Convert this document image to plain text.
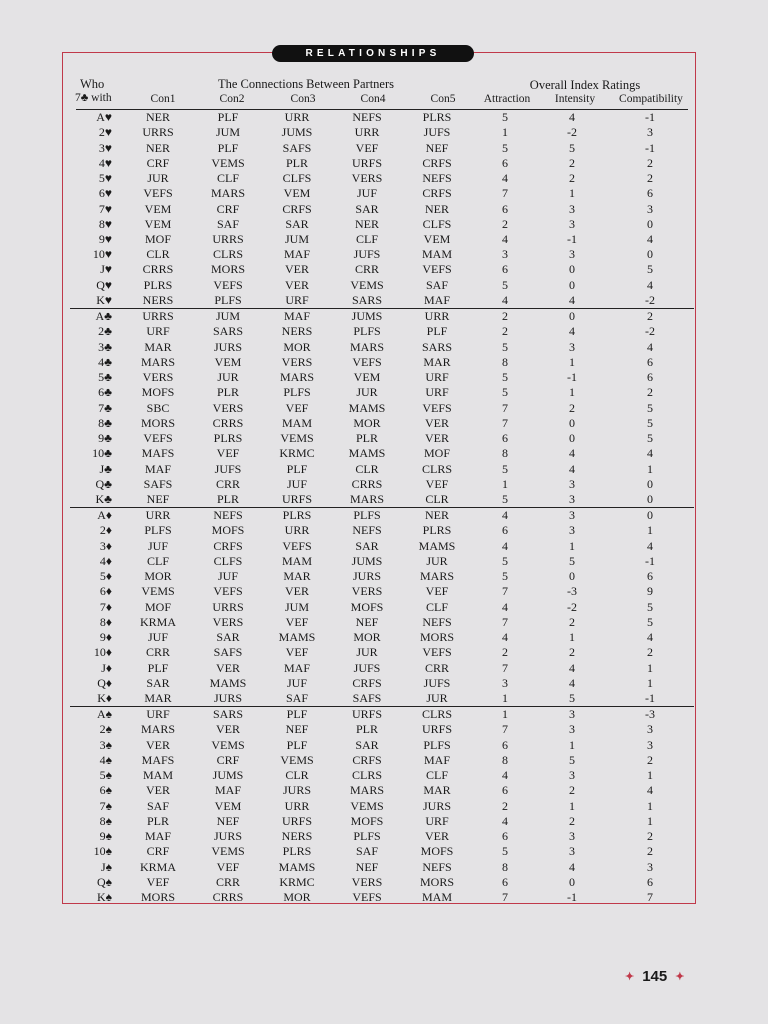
RELATIONSHIPS
Who
7♣ with
The Connections Between Partners	Overall Index Ratings
Con1	Con2	Con3	Con4	Con5	Attraction	Intensity	Compatibility
A♥	NER	PLF	URR	NEFS	PLRS	5	4	-1
2♥	URRS	JUM	JUMS	URR	JUFS	1	-2	3
3♥	NER	PLF	SAFS	VEF	NEF	5	5	-1
4♥	CRF	VEMS	PLR	URFS	CRFS	6	2	2
5♥	JUR	CLF	CLFS	VERS	NEFS	4	2	2
6♥	VEFS	MARS	VEM	JUF	CRFS	7	1	6
7♥	VEM	CRF	CRFS	SAR	NER	6	3	3
8♥	VEM	SAF	SAR	NER	CLFS	2	3	0
9♥	MOF	URRS	JUM	CLF	VEM	4	-1	4
10♥	CLR	CLRS	MAF	JUFS	MAM	3	3	0
J♥	CRRS	MORS	VER	CRR	VEFS	6	0	5
Q♥	PLRS	VEFS	VER	VEMS	SAF	5	0	4
K♥	NERS	PLFS	URF	SARS	MAF	4	4	-2
A♣	URRS	JUM	MAF	JUMS	URR	2	0	2
2♣	URF	SARS	NERS	PLFS	PLF	2	4	-2
3♣	MAR	JURS	MOR	MARS	SARS	5	3	4
4♣	MARS	VEM	VERS	VEFS	MAR	8	1	6
5♣	VERS	JUR	MARS	VEM	URF	5	-1	6
6♣	MOFS	PLR	PLFS	JUR	URF	5	1	2
7♣	SBC	VERS	VEF	MAMS	VEFS	7	2	5
8♣	MORS	CRRS	MAM	MOR	VER	7	0	5
9♣	VEFS	PLRS	VEMS	PLR	VER	6	0	5
10♣	MAFS	VEF	KRMC	MAMS	MOF	8	4	4
J♣	MAF	JUFS	PLF	CLR	CLRS	5	4	1
Q♣	SAFS	CRR	JUF	CRRS	VEF	1	3	0
K♣	NEF	PLR	URFS	MARS	CLR	5	3	0
A♦	URR	NEFS	PLRS	PLFS	NER	4	3	0
2♦	PLFS	MOFS	URR	NEFS	PLRS	6	3	1
3♦	JUF	CRFS	VEFS	SAR	MAMS	4	1	4
4♦	CLF	CLFS	MAM	JUMS	JUR	5	5	-1
5♦	MOR	JUF	MAR	JURS	MARS	5	0	6
6♦	VEMS	VEFS	VER	VERS	VEF	7	-3	9
7♦	MOF	URRS	JUM	MOFS	CLF	4	-2	5
8♦	KRMA	VERS	VEF	NEF	NEFS	7	2	5
9♦	JUF	SAR	MAMS	MOR	MORS	4	1	4
10♦	CRR	SAFS	VEF	JUR	VEFS	2	2	2
J♦	PLF	VER	MAF	JUFS	CRR	7	4	1
Q♦	SAR	MAMS	JUF	CRFS	JUFS	3	4	1
K♦	MAR	JURS	SAF	SAFS	JUR	1	5	-1
A♠	URF	SARS	PLF	URFS	CLRS	1	3	-3
2♠	MARS	VER	NEF	PLR	URFS	7	3	3
3♠	VER	VEMS	PLF	SAR	PLFS	6	1	3
4♠	MAFS	CRF	VEMS	CRFS	MAF	8	5	2
5♠	MAM	JUMS	CLR	CLRS	CLF	4	3	1
6♠	VER	MAF	JURS	MARS	MAR	6	2	4
7♠	SAF	VEM	URR	VEMS	JURS	2	1	1
8♠	PLR	NEF	URFS	MOFS	URF	4	2	1
9♠	MAF	JURS	NERS	PLFS	VER	6	3	2
10♠	CRF	VEMS	PLRS	SAF	MOFS	5	3	2
J♠	KRMA	VEF	MAMS	NEF	NEFS	8	4	3
Q♠	VEF	CRR	KRMC	VERS	MORS	6	0	6
K♠	MORS	CRRS	MOR	VEFS	MAM	7	-1	7
✦ 145 ✦
